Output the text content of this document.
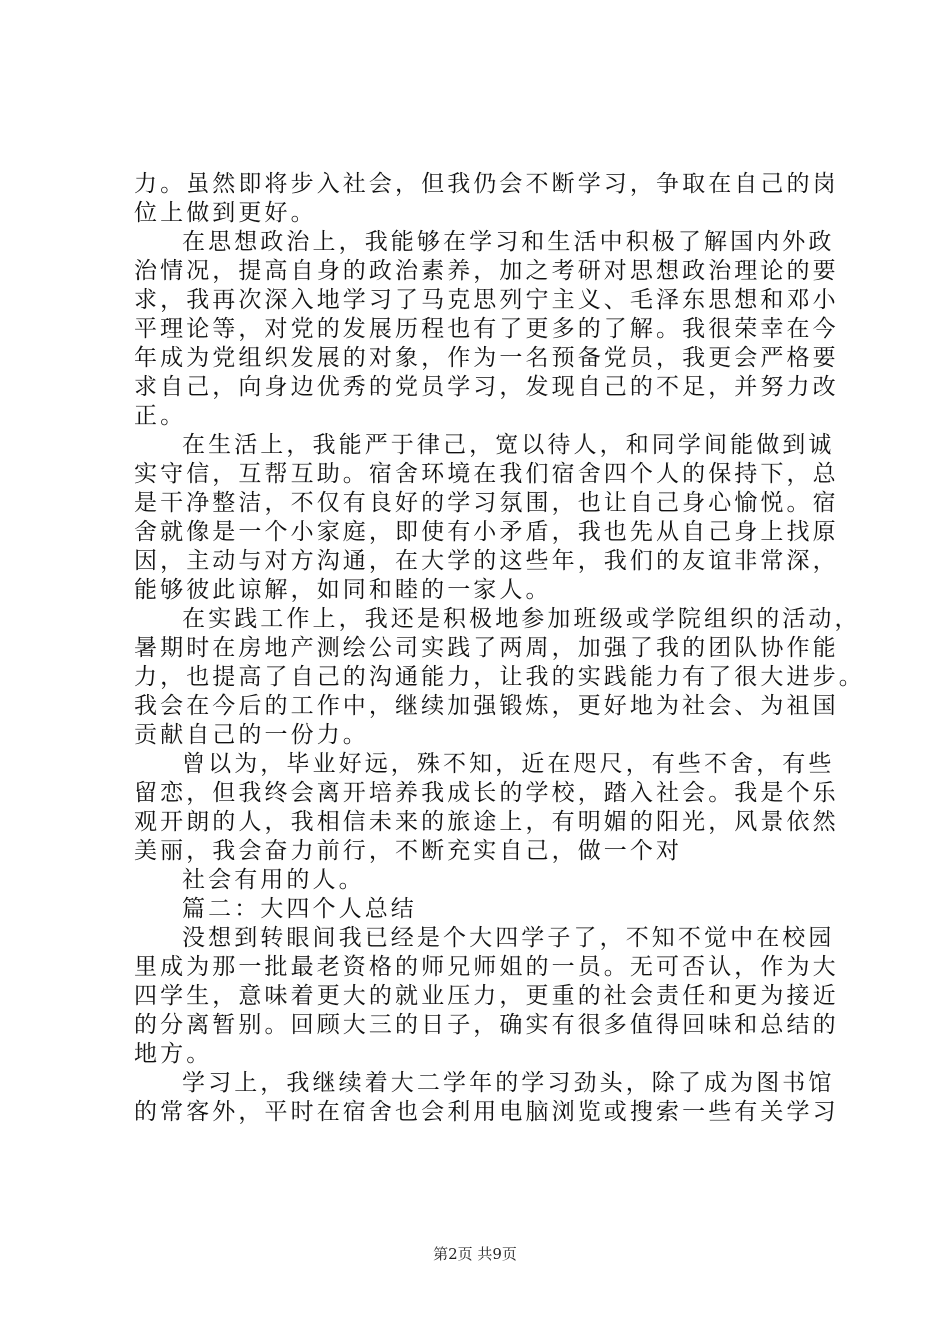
力。虽然即将步入社会，但我仍会不断学习，争取在自己的岗
位上做到更好。
在思想政治上，我能够在学习和生活中积极了解国内外政
治情况，提高自身的政治素养，加之考研对思想政治理论的要
求，我再次深入地学习了马克思列宁主义、毛泽东思想和邓小
平理论等，对党的发展历程也有了更多的了解。我很荣幸在今
年成为党组织发展的对象，作为一名预备党员，我更会严格要
求自己，向身边优秀的党员学习，发现自己的不足，并努力改
正。
在生活上，我能严于律己，宽以待人，和同学间能做到诚
实守信，互帮互助。宿舍环境在我们宿舍四个人的保持下，总
是干净整洁，不仅有良好的学习氛围，也让自己身心愉悦。宿
舍就像是一个小家庭，即使有小矛盾，我也先从自己身上找原
因，主动与对方沟通，在大学的这些年，我们的友谊非常深，
能够彼此谅解，如同和睦的一家人。
在实践工作上，我还是积极地参加班级或学院组织的活动，
暑期时在房地产测绘公司实践了两周，加强了我的团队协作能
力，也提高了自己的沟通能力，让我的实践能力有了很大进步。
我会在今后的工作中，继续加强锻炼，更好地为社会、为祖国
贡献自己的一份力。
曾以为，毕业好远，殊不知，近在咫尺，有些不舍，有些
留恋，但我终会离开培养我成长的学校，踏入社会。我是个乐
观开朗的人，我相信未来的旅途上，有明媚的阳光，风景依然
美丽，我会奋力前行，不断充实自己，做一个对
社会有用的人。
篇二：大四个人总结
没想到转眼间我已经是个大四学子了，不知不觉中在校园
里成为那一批最老资格的师兄师姐的一员。无可否认，作为大
四学生，意味着更大的就业压力，更重的社会责任和更为接近
的分离暂别。回顾大三的日子，确实有很多值得回味和总结的
地方。
学习上，我继续着大二学年的学习劲头，除了成为图书馆
的常客外，平时在宿舍也会利用电脑浏览或搜索一些有关学习
第2页 共9页
